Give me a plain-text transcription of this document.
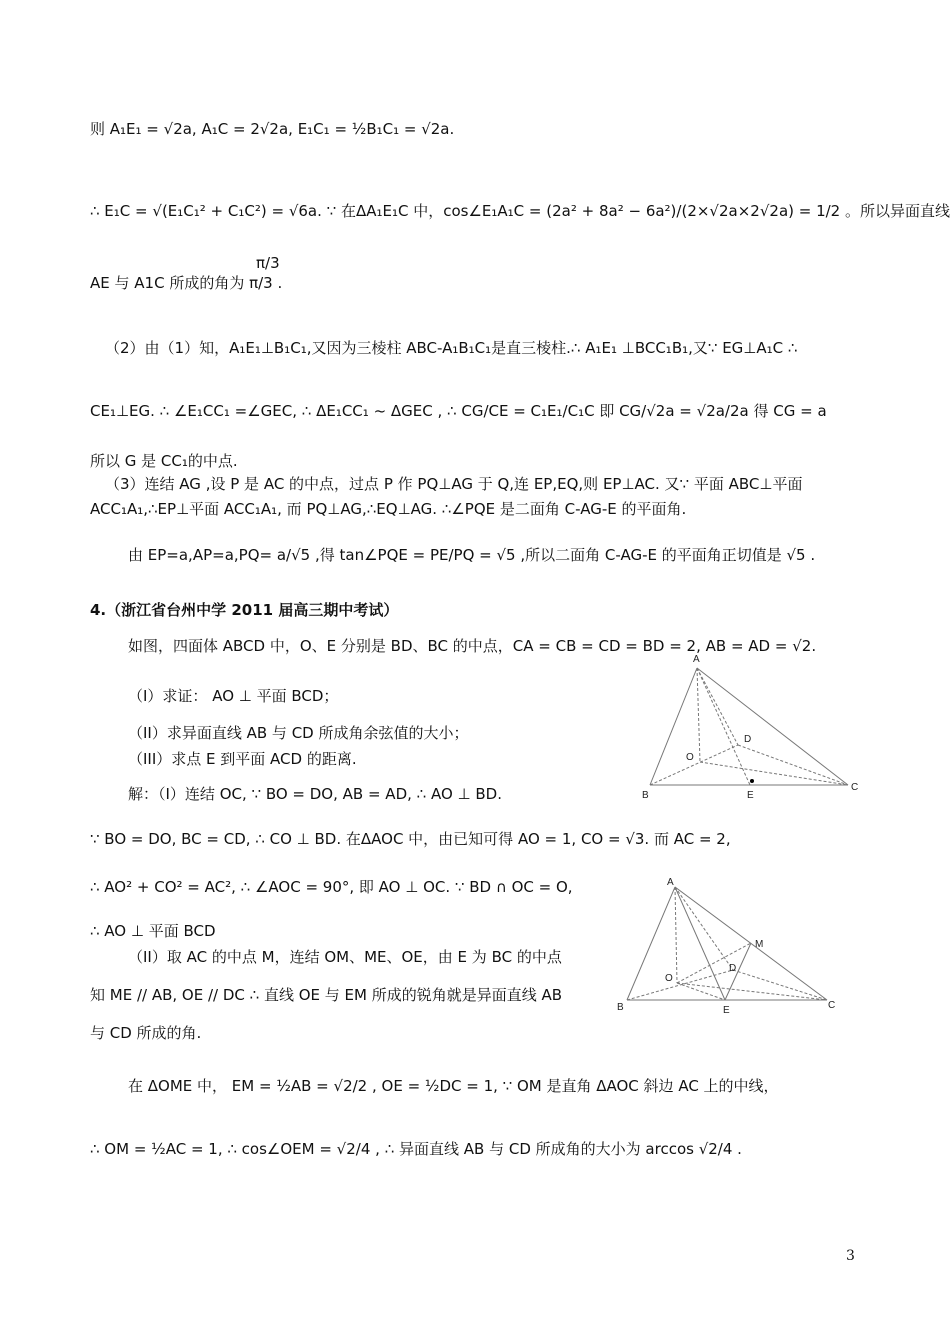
则 A₁E₁ = √2a, A₁C = 2√2a, E₁C₁ = ½B₁C₁ = √2a.
∴ E₁C = √(E₁C₁² + C₁C²) = √6a. ∵ 在ΔA₁E₁C 中，cos∠E₁A₁C = (2a² + 8a² − 6a²)/(2×√2a×2√2a) = 1/2 。所以异面直线
π/3
AE 与 A1C 所成的角为 π/3 .
（2）由（1）知，A₁E₁⊥B₁C₁,又因为三棱柱 ABC-A₁B₁C₁是直三棱柱.∴ A₁E₁ ⊥BCC₁B₁,又∵ EG⊥A₁C ∴
CE₁⊥EG. ∴ ∠E₁CC₁ =∠GEC, ∴ ΔE₁CC₁ ~ ΔGEC , ∴ CG/CE = C₁E₁/C₁C 即 CG/√2a = √2a/2a 得 CG = a
所以 G 是 CC₁的中点.
（3）连结 AG ,设 P 是 AC 的中点，过点 P 作 PQ⊥AG 于 Q,连 EP,EQ,则 EP⊥AC. 又∵ 平面 ABC⊥平面
ACC₁A₁,∴EP⊥平面 ACC₁A₁, 而 PQ⊥AG,∴EQ⊥AG. ∴∠PQE 是二面角 C-AG-E 的平面角.
由 EP=a,AP=a,PQ= a/√5 ,得 tan∠PQE = PE/PQ = √5 ,所以二面角 C-AG-E 的平面角正切值是 √5 .
4.（浙江省台州中学 2011 届高三期中考试）
如图，四面体 ABCD 中，O、E 分别是 BD、BC 的中点，CA = CB = CD = BD = 2, AB = AD = √2.
（I）求证： AO ⊥ 平面 BCD；
（II）求异面直线 AB 与 CD 所成角余弦值的大小；
（III）求点 E 到平面 ACD 的距离.
解：（I）连结 OC, ∵ BO = DO, AB = AD, ∴ AO ⊥ BD.
∵ BO = DO, BC = CD, ∴ CO ⊥ BD. 在ΔAOC 中，由已知可得 AO = 1, CO = √3. 而 AC = 2,
∴ AO² + CO² = AC², ∴ ∠AOC = 90°, 即 AO ⊥ OC. ∵ BD ∩ OC = O,
∴ AO ⊥ 平面 BCD
（II）取 AC 的中点 M，连结 OM、ME、OE，由 E 为 BC 的中点
知 ME // AB, OE // DC ∴ 直线 OE 与 EM 所成的锐角就是异面直线 AB
与 CD 所成的角.
在 ΔOME 中， EM = ½AB = √2/2 , OE = ½DC = 1, ∵ OM 是直角 ΔAOC 斜边 AC 上的中线，
∴ OM = ½AC = 1, ∴ cos∠OEM = √2/4 , ∴ 异面直线 AB 与 CD 所成角的大小为 arccos √2/4 .
A
B
C
D
O
E
A
B	C
D
O
E
M
3
